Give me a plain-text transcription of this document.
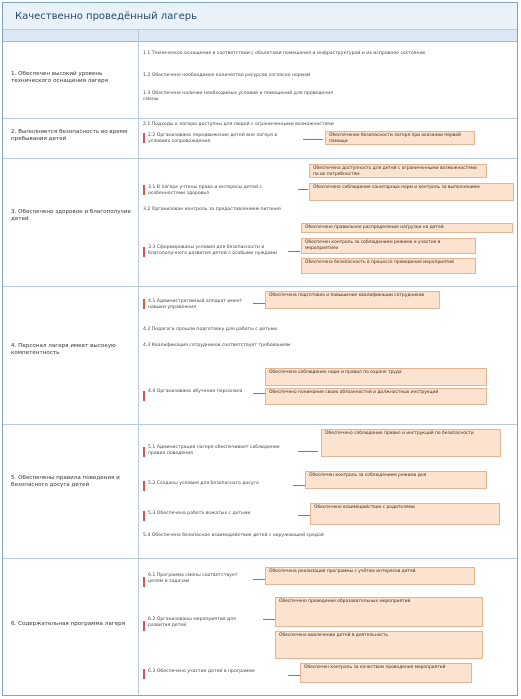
Качественно проведённый лагерь
1. Обеспечен высокий уровень технического оснащения лагеря
1.1 Техническое оснащение в соответствии с объектами помещения и инфраструктурой и их исправное состояние
1.2 Обеспечено необходимое количество ресурсов согласно нормам
1.3 Обеспечено наличие необходимых условий и помещений для проведения смены
2. Выполняется безопасность во время пребывания детей
2.1 Подходы к лагерю доступны для людей с ограниченными возможностями
2.2 Организовано передвижение детей вне лагеря в условиях сопровождения
Обеспечение безопасности лагеря при оказании первой помощи
3. Обеспечено здоровое и благополучие детей
3.1 В лагере учтены права и интересы детей с особенностями здоровья
3.2 Организован контроль за предоставлением питания
3.3 Сформированы условия для безопасности и благополучного развития детей с особыми нуждами
Обеспечена доступность для детей с ограниченными возможностями по их потребностям
Обеспечено соблюдение санитарных норм и контроль за выполнением
Обеспечено правильное распределение нагрузки на детей
Обеспечен контроль за соблюдением режима и участие в мероприятиях
Обеспечена безопасность в процессе проведения мероприятий
4. Персонал лагеря имеет высокую компетентность
4.1 Административный аппарат имеет навыки управления
4.2 Педагоги прошли подготовку для работы с детьми
4.3 Квалификация сотрудников соответствует требованиям
4.4 Организовано обучение персонала
Обеспечена подготовка и повышение квалификации сотрудников
Обеспечено соблюдение норм и правил по охране труда
Обеспечено понимание своих обязанностей и должностных инструкций
5. Обеспечены правила поведения и безопасного досуга детей
5.1 Администрация лагеря обеспечивает соблюдение правил поведения
5.2 Созданы условия для безопасного досуга
5.3 Обеспечена работа вожатых с детьми
5.4 Обеспечено безопасное взаимодействие детей с окружающей средой
Обеспечено соблюдение правил и инструкций по безопасности
Обеспечен контроль за соблюдением режима дня
Обеспечено взаимодействие с родителями
6. Содержательная программа лагеря
6.1 Программа смены соответствует целям и задачам
6.2 Организованы мероприятия для развития детей
6.3 Обеспечено участие детей в программе
Обеспечена реализация программы с учётом интересов детей
Обеспечено проведение образовательных мероприятий
Обеспечено вовлечение детей в деятельность
Обеспечен контроль за качеством проведения мероприятий
